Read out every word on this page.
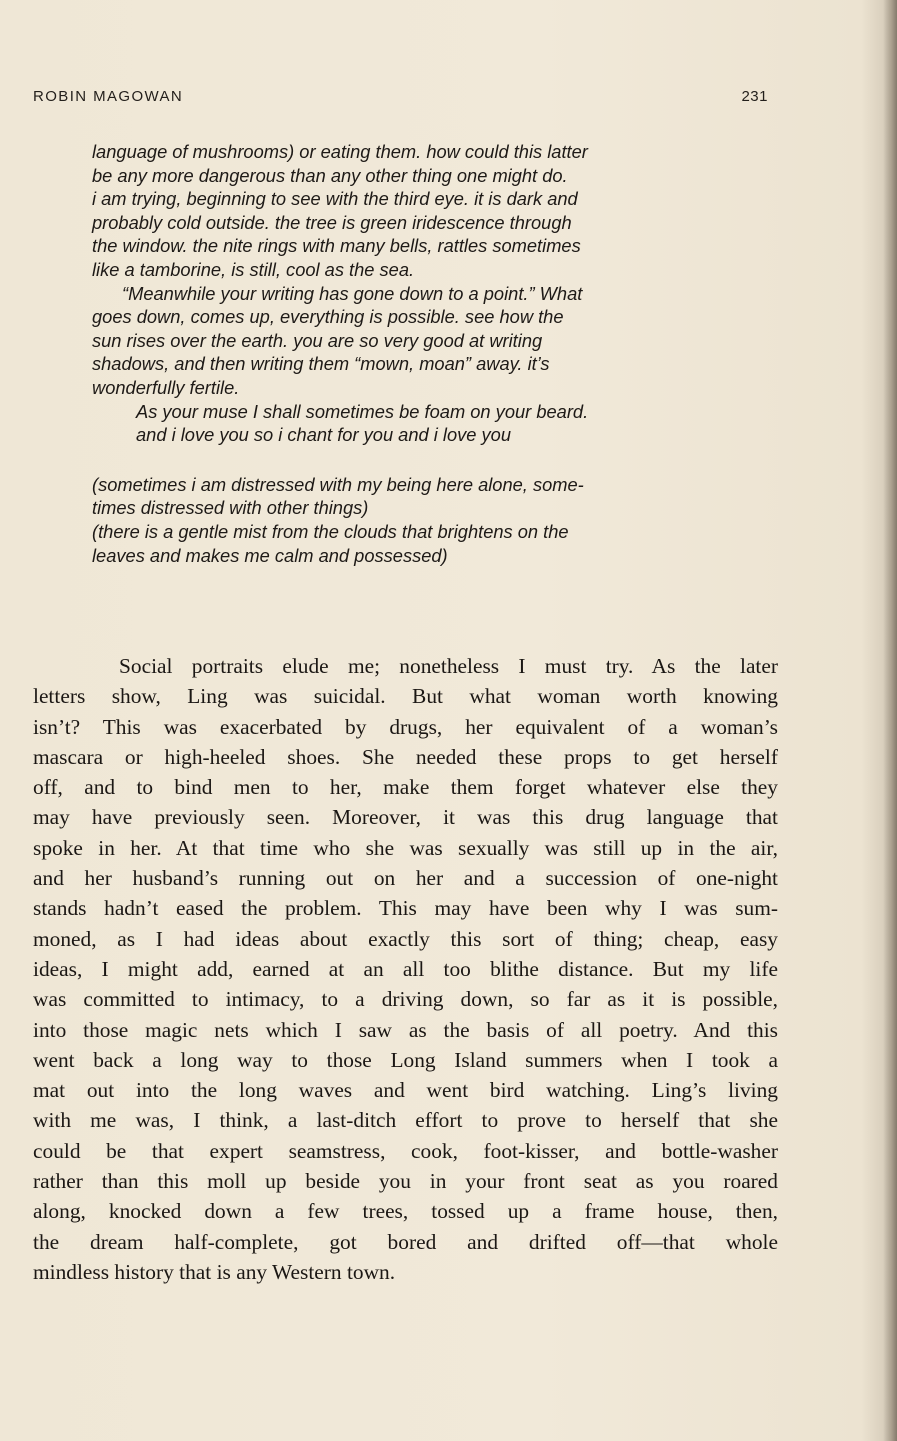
ROBIN MAGOWAN	231
language of mushrooms) or eating them. how could this latter
be any more dangerous than any other thing one might do.
i am trying, beginning to see with the third eye. it is dark and
probably cold outside. the tree is green iridescence through
the window. the nite rings with many bells, rattles sometimes
like a tamborine, is still, cool as the sea.
“Meanwhile your writing has gone down to a point.” What
goes down, comes up, everything is possible. see how the
sun rises over the earth. you are so very good at writing
shadows, and then writing them “mown, moan” away. it’s
wonderfully fertile.
As your muse I shall sometimes be foam on your beard.
and i love you so i chant for you and i love you
(sometimes i am distressed with my being here alone, some-
times distressed with other things)
(there is a gentle mist from the clouds that brightens on the
leaves and makes me calm and possessed)
Social portraits elude me; nonetheless I must try. As the later
letters show, Ling was suicidal. But what woman worth knowing
isn’t? This was exacerbated by drugs, her equivalent of a woman’s
mascara or high-heeled shoes. She needed these props to get herself
off, and to bind men to her, make them forget whatever else they
may have previously seen. Moreover, it was this drug language that
spoke in her. At that time who she was sexually was still up in the air,
and her husband’s running out on her and a succession of one-night
stands hadn’t eased the problem. This may have been why I was sum-
moned, as I had ideas about exactly this sort of thing; cheap, easy
ideas, I might add, earned at an all too blithe distance. But my life
was committed to intimacy, to a driving down, so far as it is possible,
into those magic nets which I saw as the basis of all poetry. And this
went back a long way to those Long Island summers when I took a
mat out into the long waves and went bird watching. Ling’s living
with me was, I think, a last-ditch effort to prove to herself that she
could be that expert seamstress, cook, foot-kisser, and bottle-washer
rather than this moll up beside you in your front seat as you roared
along, knocked down a few trees, tossed up a frame house, then,
the dream half-complete, got bored and drifted off—that whole
mindless history that is any Western town.
